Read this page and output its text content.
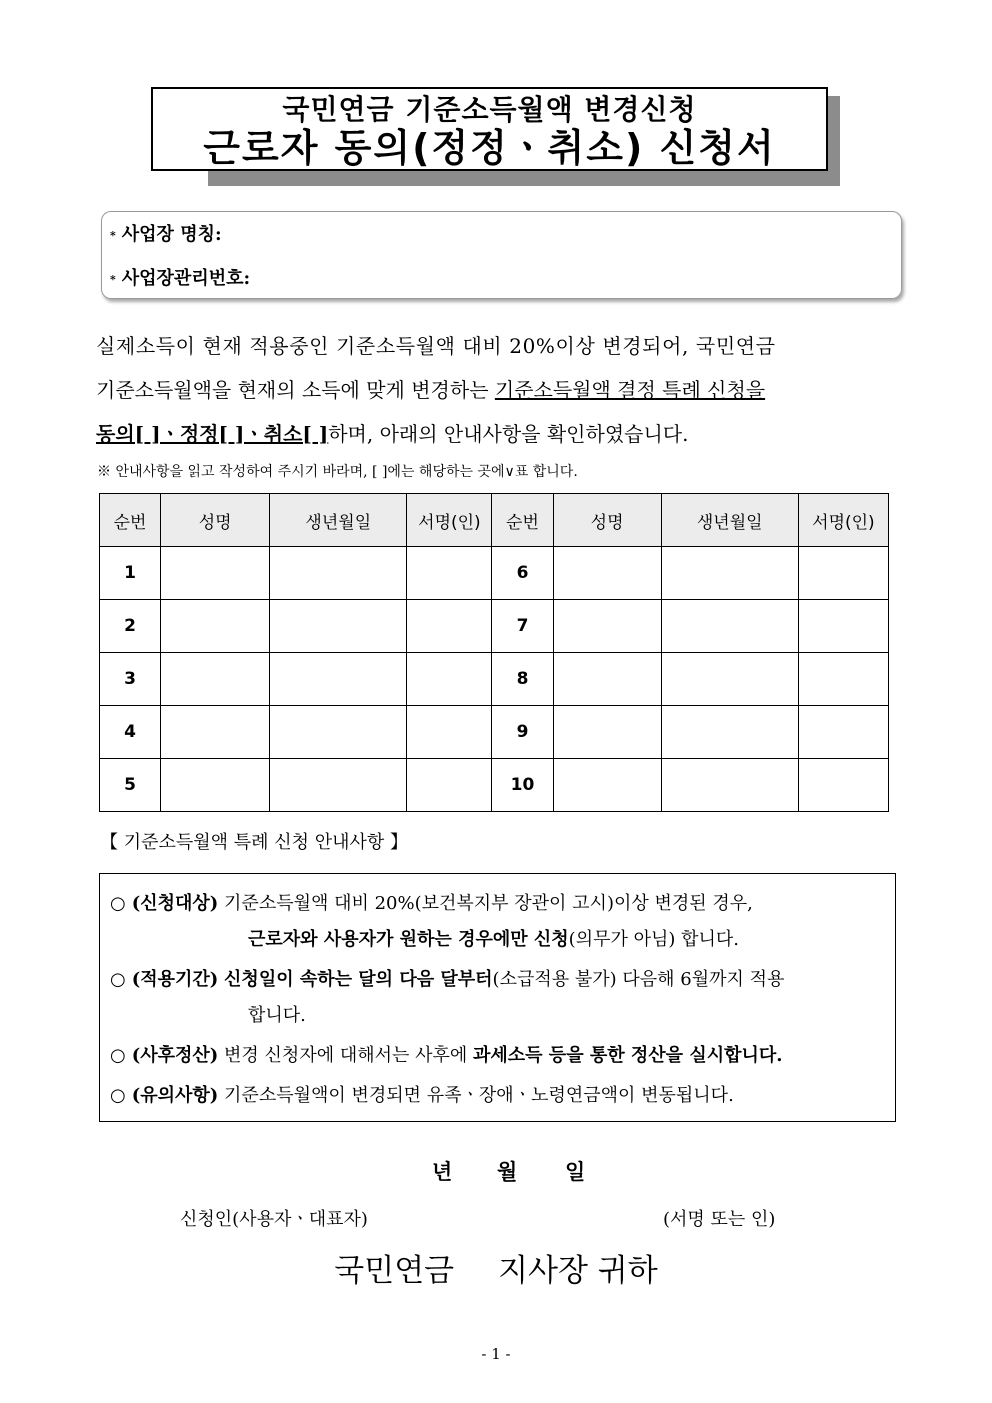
국민연금 기준소득월액 변경신청
근로자 동의(정정ㆍ취소) 신청서
* 사업장 명칭:
* 사업장관리번호:
실제소득이 현재 적용중인 기준소득월액 대비 20%이상 변경되어, 국민연금
기준소득월액을 현재의 소득에 맞게 변경하는 기준소득월액 결정 특례 신청을
동의[ ]ㆍ정정[ ]ㆍ취소[ ]하며, 아래의 안내사항을 확인하였습니다.
※ 안내사항을 읽고 작성하여 주시기 바라며, [ ]에는 해당하는 곳에∨표 합니다.
순번	성명	생년월일	서명(인)	순번	성명	생년월일	서명(인)
1				6			
2				7			
3				8			
4				9			
5				10			
【 기준소득월액 특례 신청 안내사항 】
○ (신청대상) 기준소득월액 대비 20%(보건복지부 장관이 고시)이상 변경된 경우,
근로자와 사용자가 원하는 경우에만 신청(의무가 아님) 합니다.
○ (적용기간) 신청일이 속하는 달의 다음 달부터(소급적용 불가) 다음해 6월까지 적용
합니다.
○ (사후정산) 변경 신청자에 대해서는 사후에 과세소득 등을 통한 정산을 실시합니다.
○ (유의사항) 기준소득월액이 변경되면 유족ㆍ장애ㆍ노령연금액이 변동됩니다.
년 월 일
신청인(사용자ㆍ대표자)	(서명 또는 인)
국민연금 지사장 귀하
- 1 -
